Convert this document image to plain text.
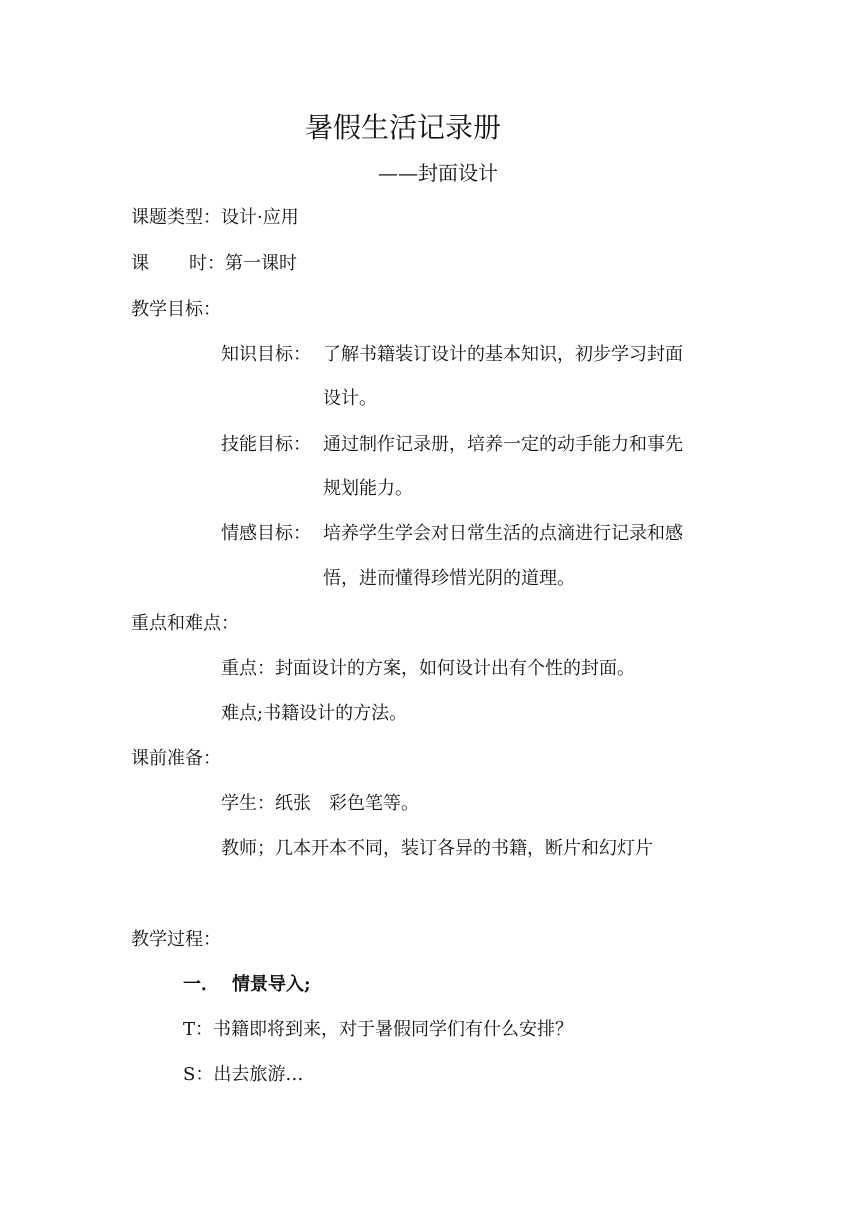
暑假生活记录册
——封面设计
课题类型：设计·应用
课 时：第一课时
教学目标：
知识目标： 了解书籍装订设计的基本知识，初步学习封面
设计。
技能目标： 通过制作记录册，培养一定的动手能力和事先
规划能力。
情感目标： 培养学生学会对日常生活的点滴进行记录和感
悟，进而懂得珍惜光阴的道理。
重点和难点：
重点：封面设计的方案，如何设计出有个性的封面。
难点;书籍设计的方法。
课前准备：
学生：纸张　彩色笔等。
教师；几本开本不同，装订各异的书籍，断片和幻灯片
教学过程：
一． 情景导入;
T：书籍即将到来，对于暑假同学们有什么安排？
S：出去旅游…
